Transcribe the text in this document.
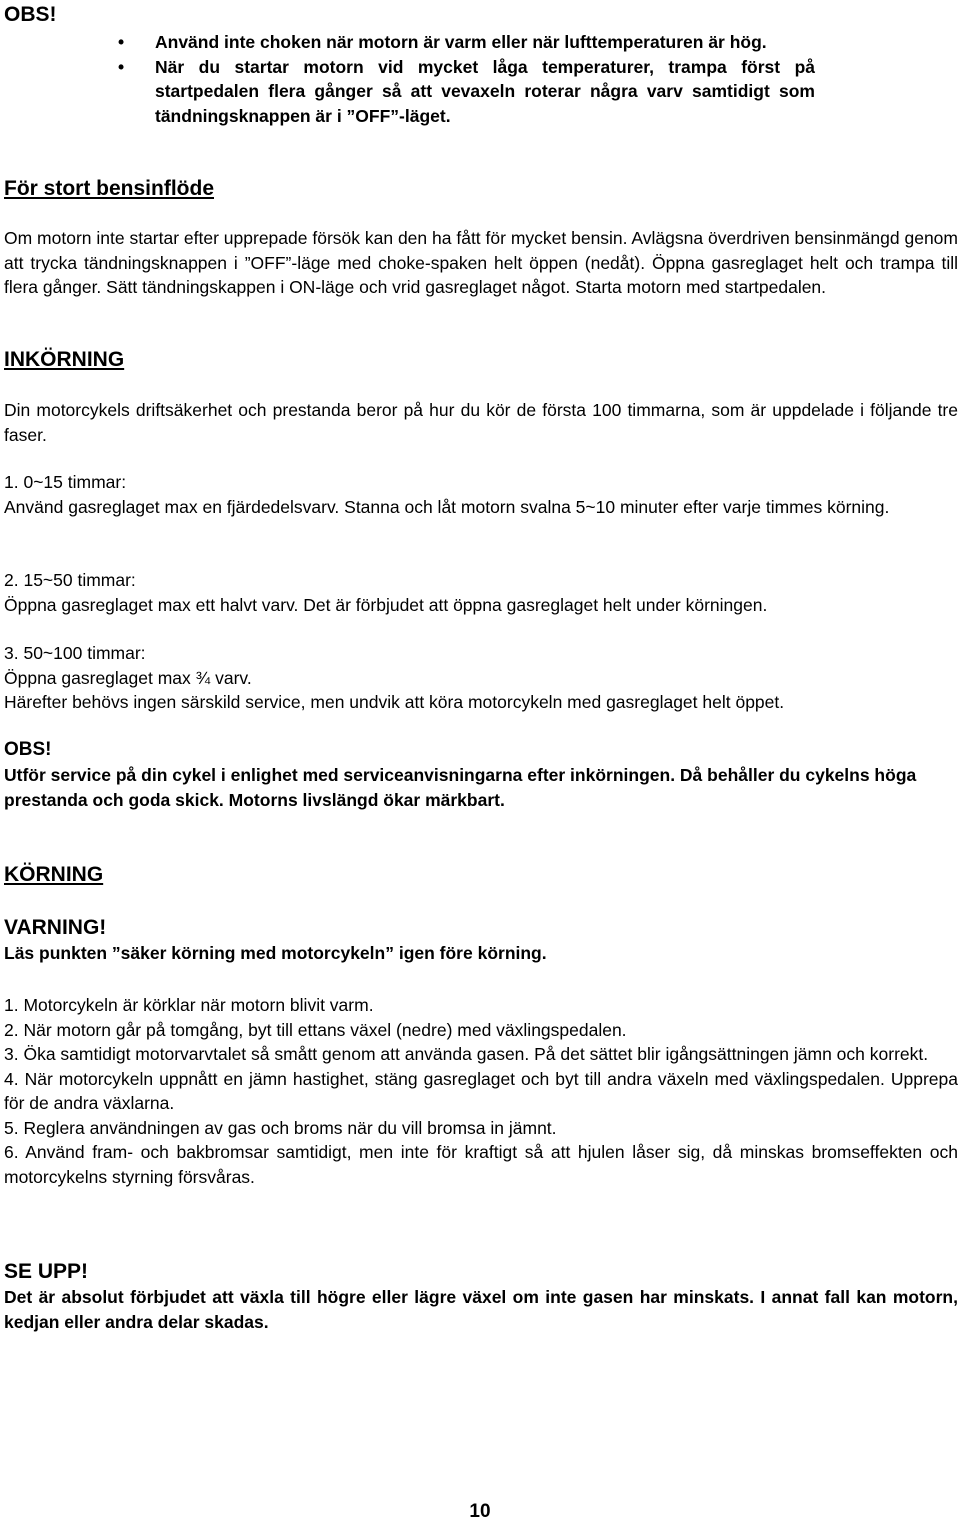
OBS!
• Använd inte choken när motorn är varm eller när lufttemperaturen är hög.
• När du startar motorn vid mycket låga temperaturer, trampa först på startpedalen flera gånger så att vevaxeln roterar några varv samtidigt som tändningsknappen är i ”OFF”-läget.
För stort bensinflöde
Om motorn inte startar efter upprepade försök kan den ha fått för mycket bensin. Avlägsna överdriven bensinmängd genom att trycka tändningsknappen i ”OFF”-läge med choke-spaken helt öppen (nedåt). Öppna gasreglaget helt och trampa till flera gånger. Sätt tändningskappen i ON-läge och vrid gasreglaget något. Starta motorn med startpedalen.
INKÖRNING
Din motorcykels driftsäkerhet och prestanda beror på hur du kör de första 100 timmarna, som är uppdelade i följande tre faser.
1. 0~15 timmar:
Använd gasreglaget max en fjärdedelsvarv. Stanna och låt motorn svalna 5~10 minuter efter varje timmes körning.
2. 15~50 timmar:
Öppna gasreglaget max ett halvt varv. Det är förbjudet att öppna gasreglaget helt under körningen.
3. 50~100 timmar:
Öppna gasreglaget max ¾ varv.
Härefter behövs ingen särskild service, men undvik att köra motorcykeln med gasreglaget helt öppet.
OBS!
Utför service på din cykel i enlighet med serviceanvisningarna efter inkörningen. Då behåller du cykelns höga prestanda och goda skick. Motorns livslängd ökar märkbart.
KÖRNING
VARNING!
Läs punkten ”säker körning med motorcykeln” igen före körning.
1. Motorcykeln är körklar när motorn blivit varm.
2. När motorn går på tomgång, byt till ettans växel (nedre) med växlingspedalen.
3. Öka samtidigt motorvarvtalet så smått genom att använda gasen. På det sättet blir igångsättningen jämn och korrekt.
4. När motorcykeln uppnått en jämn hastighet, stäng gasreglaget och byt till andra växeln med växlingspedalen. Upprepa för de andra växlarna.
5. Reglera användningen av gas och broms när du vill bromsa in jämnt.
6. Använd fram- och bakbromsar samtidigt, men inte för kraftigt så att hjulen låser sig, då minskas bromseffekten och motorcykelns styrning försvåras.
SE UPP!
Det är absolut förbjudet att växla till högre eller lägre växel om inte gasen har minskats. I annat fall kan motorn, kedjan eller andra delar skadas.
10
